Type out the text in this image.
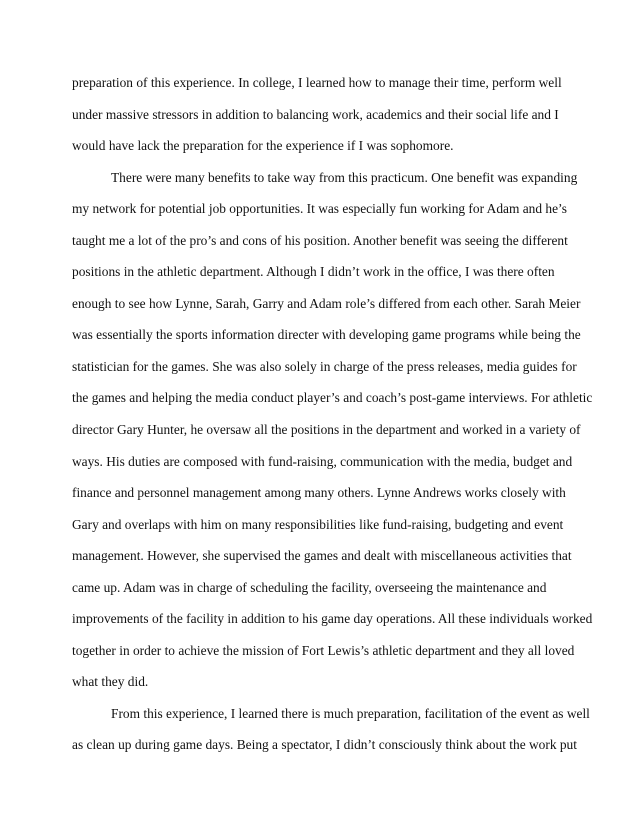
preparation of this experience. In college, I learned how to manage their time, perform well
under massive stressors in addition to balancing work, academics and their social life and I
would have lack the preparation for the experience if I was sophomore.
There were many benefits to take way from this practicum. One benefit was expanding
my network for potential job opportunities. It was especially fun working for Adam and he’s
taught me a lot of the pro’s and cons of his position. Another benefit was seeing the different
positions in the athletic department. Although I didn’t work in the office, I was there often
enough to see how Lynne, Sarah, Garry and Adam role’s differed from each other. Sarah Meier
was essentially the sports information directer with developing game programs while being the
statistician for the games. She was also solely in charge of the press releases, media guides for
the games and helping the media conduct player’s and coach’s post-game interviews. For athletic
director Gary Hunter, he oversaw all the positions in the department and worked in a variety of
ways. His duties are composed with fund-raising, communication with the media, budget and
finance and personnel management among many others. Lynne Andrews works closely with
Gary and overlaps with him on many responsibilities like fund-raising, budgeting and event
management. However, she supervised the games and dealt with miscellaneous activities that
came up. Adam was in charge of scheduling the facility, overseeing the maintenance and
improvements of the facility in addition to his game day operations. All these individuals worked
together in order to achieve the mission of Fort Lewis’s athletic department and they all loved
what they did.
From this experience, I learned there is much preparation, facilitation of the event as well
as clean up during game days. Being a spectator, I didn’t consciously think about the work put
